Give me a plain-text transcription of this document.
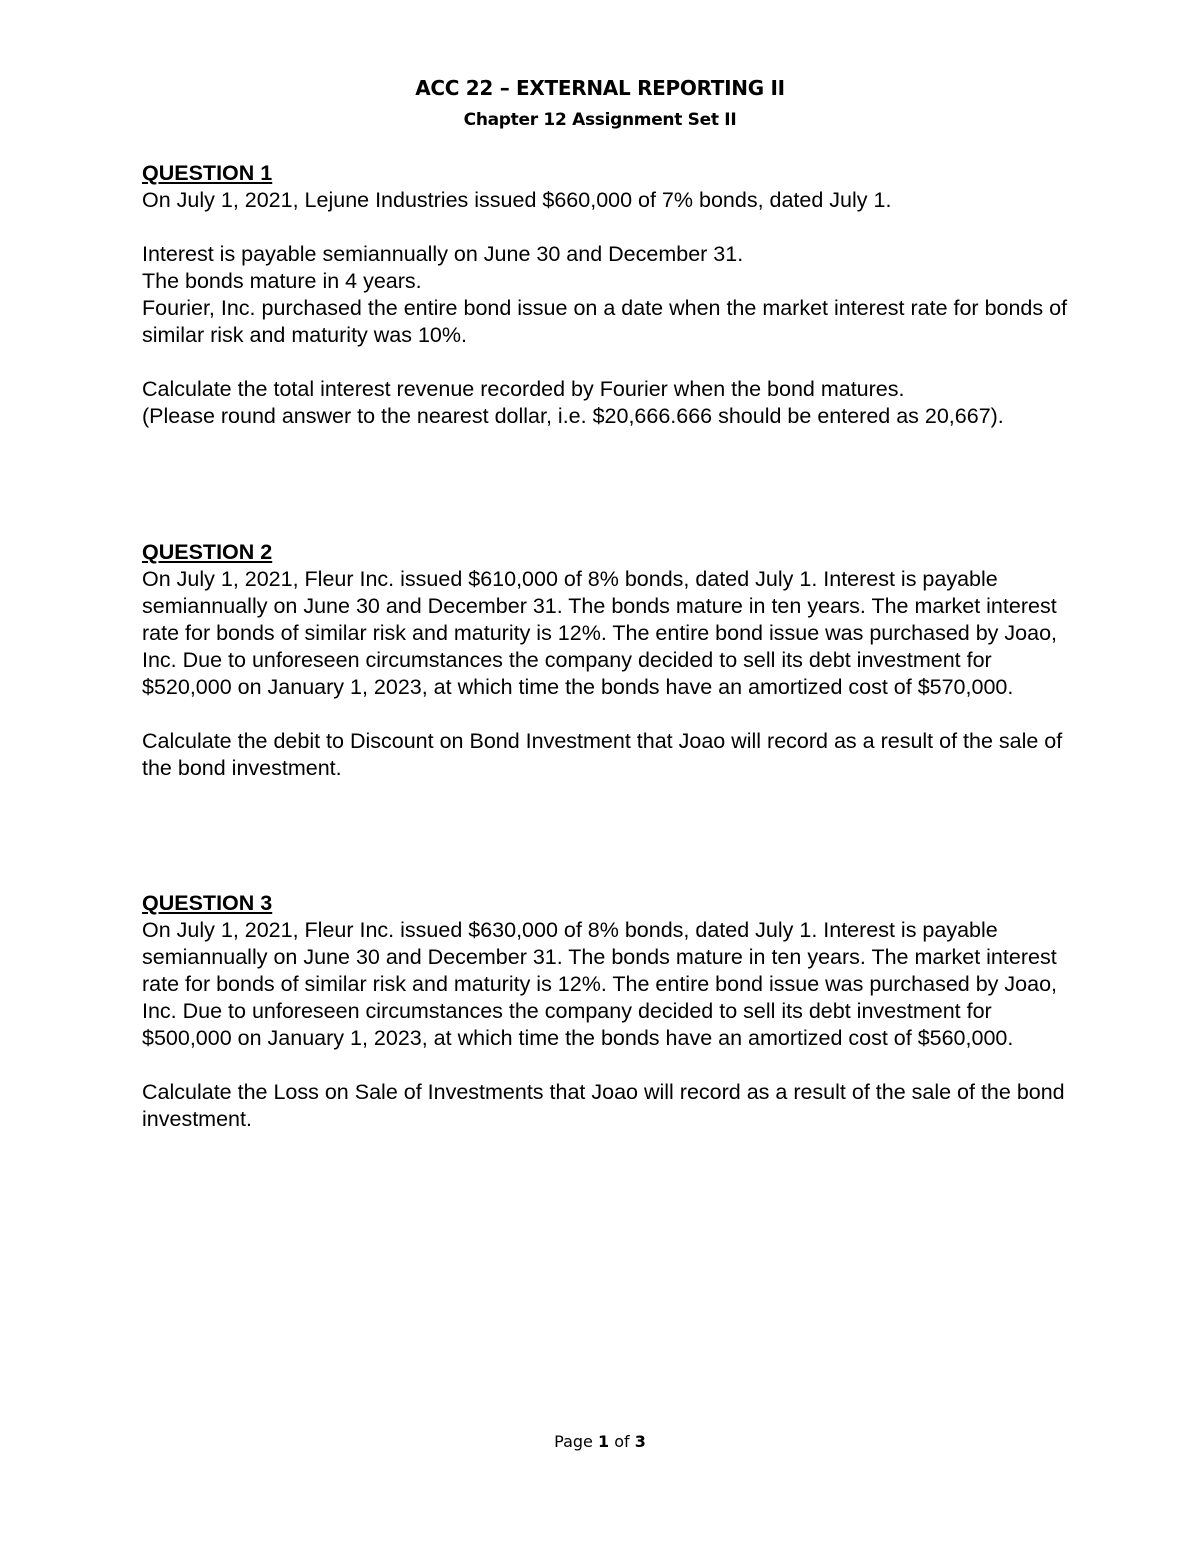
ACC 22 – EXTERNAL REPORTING II
Chapter 12 Assignment Set II
QUESTION 1
On July 1, 2021, Lejune Industries issued $660,000 of 7% bonds, dated July 1.
Interest is payable semiannually on June 30 and December 31.
The bonds mature in 4 years.
Fourier, Inc. purchased the entire bond issue on a date when the market interest rate for bonds of similar risk and maturity was 10%.
Calculate the total interest revenue recorded by Fourier when the bond matures.
(Please round answer to the nearest dollar, i.e. $20,666.666 should be entered as 20,667).
QUESTION 2
On July 1, 2021, Fleur Inc. issued $610,000 of 8% bonds, dated July 1. Interest is payable semiannually on June 30 and December 31. The bonds mature in ten years. The market interest rate for bonds of similar risk and maturity is 12%. The entire bond issue was purchased by Joao, Inc. Due to unforeseen circumstances the company decided to sell its debt investment for $520,000 on January 1, 2023, at which time the bonds have an amortized cost of $570,000.
Calculate the debit to Discount on Bond Investment that Joao will record as a result of the sale of the bond investment.
QUESTION 3
On July 1, 2021, Fleur Inc. issued $630,000 of 8% bonds, dated July 1. Interest is payable semiannually on June 30 and December 31. The bonds mature in ten years. The market interest rate for bonds of similar risk and maturity is 12%. The entire bond issue was purchased by Joao, Inc. Due to unforeseen circumstances the company decided to sell its debt investment for $500,000 on January 1, 2023, at which time the bonds have an amortized cost of $560,000.
Calculate the Loss on Sale of Investments that Joao will record as a result of the sale of the bond investment.
Page 1 of 3
